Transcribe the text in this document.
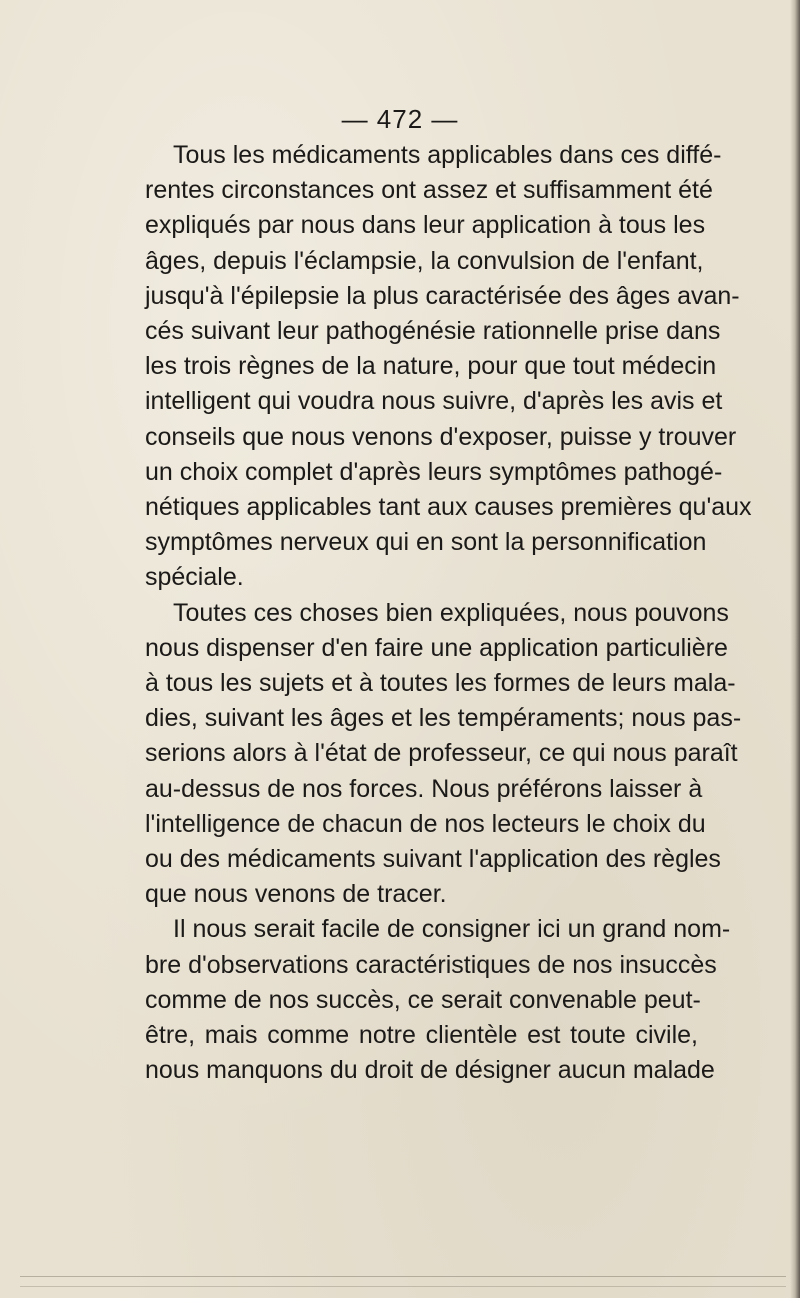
— 472 —

Tous les médicaments applicables dans ces diffé-
rentes circonstances ont assez et suffisamment été
expliqués par nous dans leur application à tous les
âges, depuis l'éclampsie, la convulsion de l'enfant,
jusqu'à l'épilepsie la plus caractérisée des âges avan-
cés suivant leur pathogénésie rationnelle prise dans
les trois règnes de la nature, pour que tout médecin
intelligent qui voudra nous suivre, d'après les avis et
conseils que nous venons d'exposer, puisse y trouver
un choix complet d'après leurs symptômes pathogé-
nétiques applicables tant aux causes premières qu'aux
symptômes nerveux qui en sont la personnification
spéciale.

Toutes ces choses bien expliquées, nous pouvons
nous dispenser d'en faire une application particulière
à tous les sujets et à toutes les formes de leurs mala-
dies, suivant les âges et les tempéraments; nous pas-
serions alors à l'état de professeur, ce qui nous paraît
au-dessus de nos forces. Nous préférons laisser à
l'intelligence de chacun de nos lecteurs le choix du
ou des médicaments suivant l'application des règles
que nous venons de tracer.

Il nous serait facile de consigner ici un grand nom-
bre d'observations caractéristiques de nos insuccès
comme de nos succès, ce serait convenable peut-
être, mais comme notre clientèle est toute civile,
nous manquons du droit de désigner aucun malade
